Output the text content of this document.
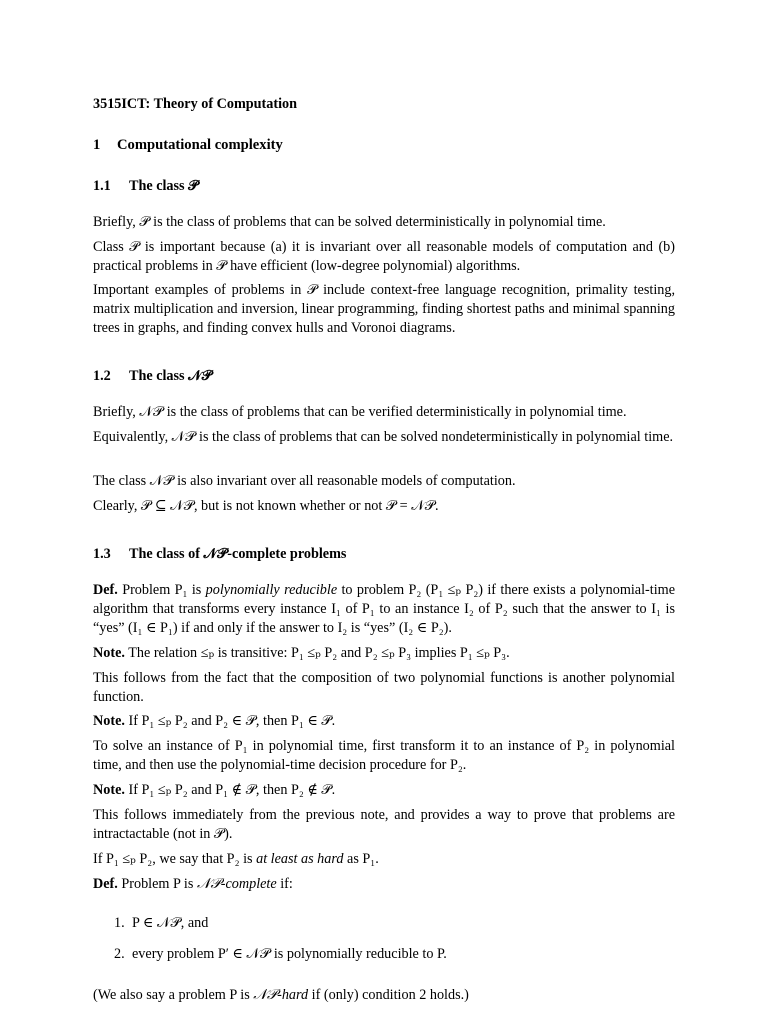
3515ICT: Theory of Computation

1 Computational complexity

1.1 The class 𝒫

Briefly, 𝒫 is the class of problems that can be solved deterministically in polynomial time.

Class 𝒫 is important because (a) it is invariant over all reasonable models of computation and (b) practical problems in 𝒫 have efficient (low-degree polynomial) algorithms.

Important examples of problems in 𝒫 include context-free language recognition, primality testing, matrix multiplication and inversion, linear programming, finding shortest paths and minimal spanning trees in graphs, and finding convex hulls and Voronoi diagrams.

1.2 The class 𝒩𝒫

Briefly, 𝒩𝒫 is the class of problems that can be verified deterministically in polynomial time.

Equivalently, 𝒩𝒫 is the class of problems that can be solved nondeterministically in polynomial time.

The class 𝒩𝒫 is also invariant over all reasonable models of computation.

Clearly, 𝒫 ⊆ 𝒩𝒫, but is not known whether or not 𝒫 = 𝒩𝒫.

1.3 The class of 𝒩𝒫-complete problems

Def. Problem P₁ is polynomially reducible to problem P₂ (P₁ ≤ₚ P₂) if there exists a polynomial-time algorithm that transforms every instance I₁ of P₁ to an instance I₂ of P₂ such that the answer to I₁ is “yes” (I₁ ∈ P₁) if and only if the answer to I₂ is “yes” (I₂ ∈ P₂).

Note. The relation ≤ₚ is transitive: P₁ ≤ₚ P₂ and P₂ ≤ₚ P₃ implies P₁ ≤ₚ P₃.

This follows from the fact that the composition of two polynomial functions is another polynomial function.

Note. If P₁ ≤ₚ P₂ and P₂ ∈ 𝒫, then P₁ ∈ 𝒫.

To solve an instance of P₁ in polynomial time, first transform it to an instance of P₂ in polynomial time, and then use the polynomial-time decision procedure for P₂.

Note. If P₁ ≤ₚ P₂ and P₁ ∉ 𝒫, then P₂ ∉ 𝒫.

This follows immediately from the previous note, and provides a way to prove that problems are intractactable (not in 𝒫).

If P₁ ≤ₚ P₂, we say that P₂ is at least as hard as P₁.

Def. Problem P is 𝒩𝒫-complete if:

1. P ∈ 𝒩𝒫, and
2. every problem P′ ∈ 𝒩𝒫 is polynomially reducible to P.

(We also say a problem P is 𝒩𝒫-hard if (only) condition 2 holds.)
